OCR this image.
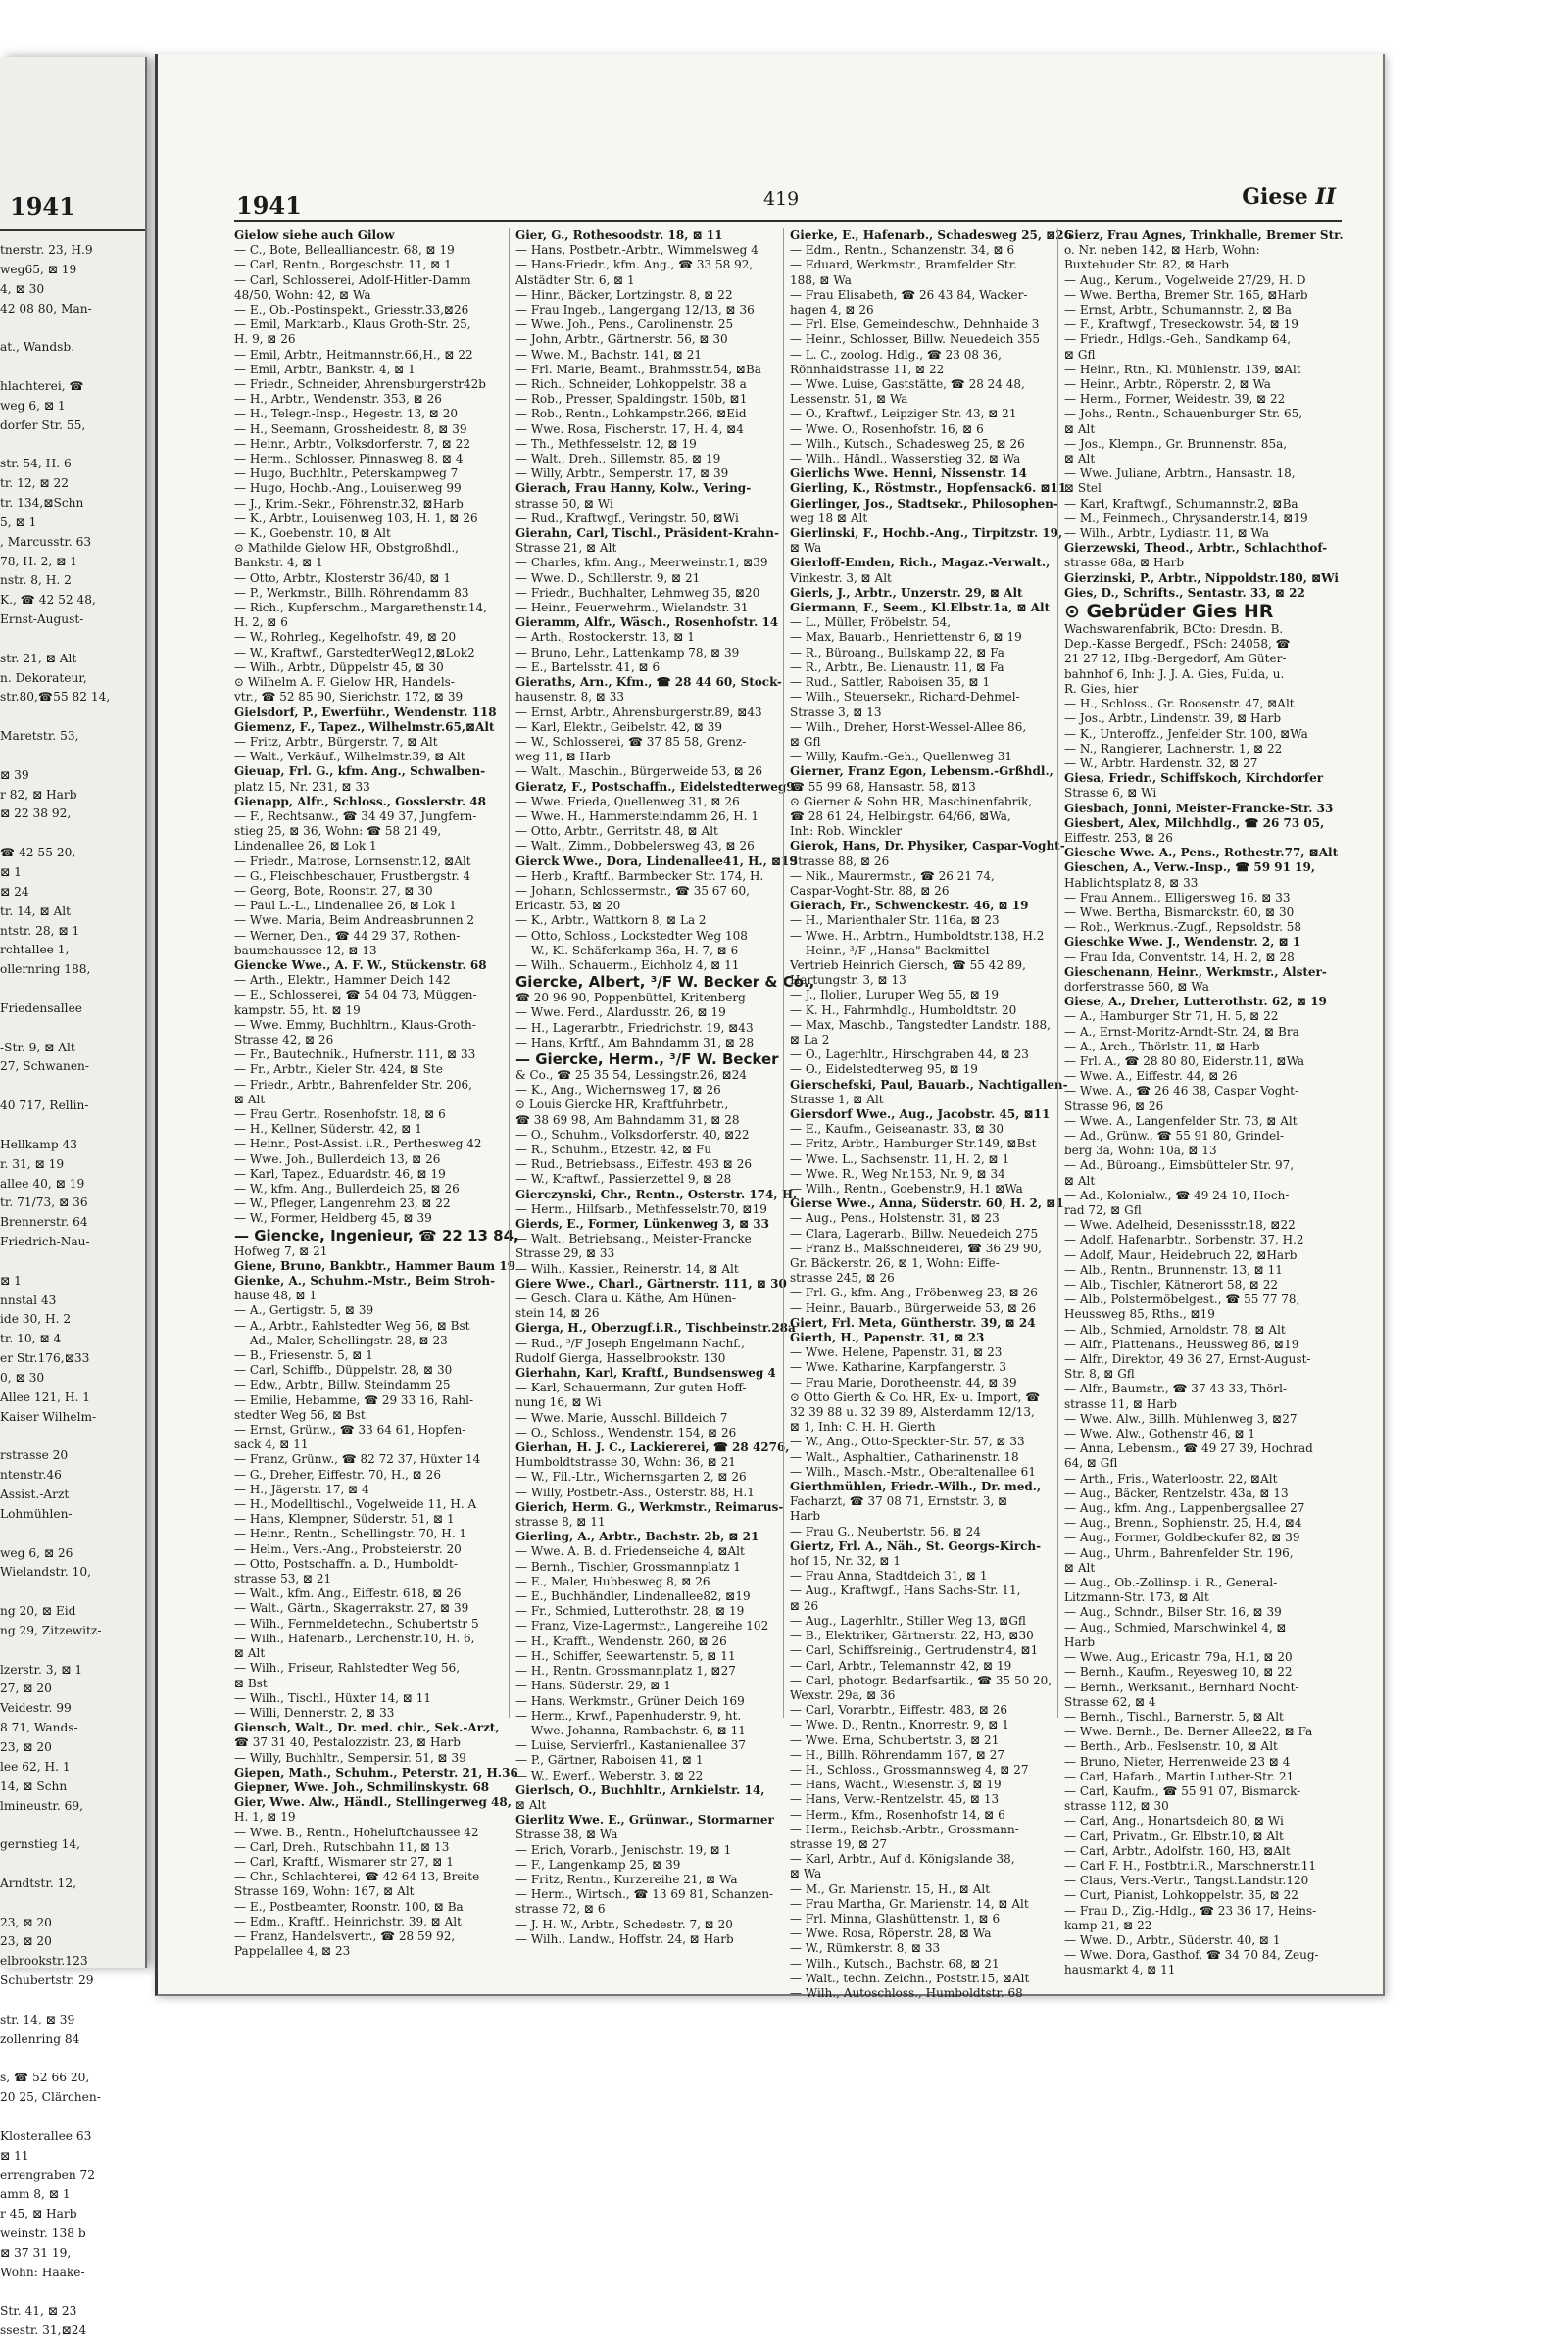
1941
tnerstr. 23, H.9
weg65, ⊠ 19
4, ⊠ 30
42 08 80, Man-

at., Wandsb.

hlachterei, ☎
weg 6, ⊠ 1
dorfer Str. 55,

str. 54, H. 6
tr. 12, ⊠ 22
tr. 134,⊠Schn
5, ⊠ 1
, Marcusstr. 63
78, H. 2, ⊠ 1
nstr. 8, H. 2
K., ☎ 42 52 48,
Ernst-August-

str. 21, ⊠ Alt
n. Dekorateur,
str.80,☎55 82 14,

Maretstr. 53,

⊠ 39
r 82, ⊠ Harb
⊠ 22 38 92,

☎ 42 55 20,
⊠ 1
⊠ 24
tr. 14, ⊠ Alt
ntstr. 28, ⊠ 1
rchtallee 1,
ollernring 188,

Friedensallee

-Str. 9, ⊠ Alt
27, Schwanen-

40 717, Rellin-

Hellkamp 43
r. 31, ⊠ 19
allee 40, ⊠ 19
tr. 71/73, ⊠ 36
Brennerstr. 64
Friedrich-Nau-

⊠ 1
nnstal 43
ide 30, H. 2
tr. 10, ⊠ 4
er Str.176,⊠33
0, ⊠ 30
Allee 121, H. 1
Kaiser Wilhelm-

rstrasse 20
ntenstr.46
Assist.-Arzt
Lohmühlen-

weg 6, ⊠ 26
Wielandstr. 10,

ng 20, ⊠ Eid
ng 29, Zitzewitz-

lzerstr. 3, ⊠ 1
27, ⊠ 20
Veidestr. 99
8 71, Wands-
23, ⊠ 20
lee 62, H. 1
14, ⊠ Schn
lmineustr. 69,

gernstieg 14,

Arndtstr. 12,

23, ⊠ 20
23, ⊠ 20
elbrookstr.123
Schubertstr. 29

str. 14, ⊠ 39
zollenring 84

s, ☎ 52 66 20,
20 25, Clärchen-

Klosterallee 63
⊠ 11
errengraben 72
amm 8, ⊠ 1
r 45, ⊠ Harb
weinstr. 138 b
⊠ 37 31 19,
Wohn: Haake-

Str. 41, ⊠ 23
ssestr. 31,⊠24
1941	419	Giese II
Gielow siehe auch Gilow
— C., Bote, Bellealliancestr. 68, ⊠ 19
— Carl, Rentn., Borgeschstr. 11, ⊠ 1
— Carl, Schlosserei, Adolf-Hitler-Damm
48/50, Wohn: 42, ⊠ Wa
— E., Ob.-Postinspekt., Griesstr.33,⊠26
— Emil, Marktarb., Klaus Groth-Str. 25,
H. 9, ⊠ 26
— Emil, Arbtr., Heitmannstr.66,H., ⊠ 22
— Emil, Arbtr., Bankstr. 4, ⊠ 1
— Friedr., Schneider, Ahrensburgerstr42b
— H., Arbtr., Wendenstr. 353, ⊠ 26
— H., Telegr.-Insp., Hegestr. 13, ⊠ 20
— H., Seemann, Grossheidestr. 8, ⊠ 39
— Heinr., Arbtr., Volksdorferstr. 7, ⊠ 22
— Herm., Schlosser, Pinnasweg 8, ⊠ 4
— Hugo, Buchhltr., Peterskampweg 7
— Hugo, Hochb.-Ang., Louisenweg 99
— J., Krim.-Sekr., Föhrenstr.32, ⊠Harb
— K., Arbtr., Louisenweg 103, H. 1, ⊠ 26
— K., Goebenstr. 10, ⊠ Alt
⊙ Mathilde Gielow HR, Obstgroßhdl.,
Bankstr. 4, ⊠ 1
— Otto, Arbtr., Klosterstr 36/40, ⊠ 1
— P., Werkmstr., Billh. Röhrendamm 83
— Rich., Kupferschm., Margarethenstr.14,
H. 2, ⊠ 6
— W., Rohrleg., Kegelhofstr. 49, ⊠ 20
— W., Kraftwf., GarstedterWeg12,⊠Lok2
— Wilh., Arbtr., Düppelstr 45, ⊠ 30
⊙ Wilhelm A. F. Gielow HR, Handels-
vtr., ☎ 52 85 90, Sierichstr. 172, ⊠ 39
Gielsdorf, P., Ewerführ., Wendenstr. 118
Giemenz, F., Tapez., Wilhelmstr.65,⊠Alt
— Fritz, Arbtr., Bürgerstr. 7, ⊠ Alt
— Walt., Verkäuf., Wilhelmstr.39, ⊠ Alt
Gieuap, Frl. G., kfm. Ang., Schwalben-
platz 15, Nr. 231, ⊠ 33
Gienapp, Alfr., Schloss., Gosslerstr. 48
— F., Rechtsanw., ☎ 34 49 37, Jungfern-
stieg 25, ⊠ 36, Wohn: ☎ 58 21 49,
Lindenallee 26, ⊠ Lok 1
— Friedr., Matrose, Lornsenstr.12, ⊠Alt
— G., Fleischbeschauer, Frustbergstr. 4
— Georg, Bote, Roonstr. 27, ⊠ 30
— Paul L.-L., Lindenallee 26, ⊠ Lok 1
— Wwe. Maria, Beim Andreasbrunnen 2
— Werner, Den., ☎ 44 29 37, Rothen-
baumchaussee 12, ⊠ 13
Giencke Wwe., A. F. W., Stückenstr. 68
— Arth., Elektr., Hammer Deich 142
— E., Schlosserei, ☎ 54 04 73, Müggen-
kampstr. 55, ht. ⊠ 19
— Wwe. Emmy, Buchhltrn., Klaus-Groth-
Strasse 42, ⊠ 26
— Fr., Bautechnik., Hufnerstr. 111, ⊠ 33
— Fr., Arbtr., Kieler Str. 424, ⊠ Ste
— Friedr., Arbtr., Bahrenfelder Str. 206,
⊠ Alt
— Frau Gertr., Rosenhofstr. 18, ⊠ 6
— H., Kellner, Süderstr. 42, ⊠ 1
— Heinr., Post-Assist. i.R., Perthesweg 42
— Wwe. Joh., Bullerdeich 13, ⊠ 26
— Karl, Tapez., Eduardstr. 46, ⊠ 19
— W., kfm. Ang., Bullerdeich 25, ⊠ 26
— W., Pfleger, Langenrehm 23, ⊠ 22
— W., Former, Heldberg 45, ⊠ 39
— Giencke, Ingenieur, ☎ 22 13 84,
Hofweg 7, ⊠ 21
Giene, Bruno, Bankbtr., Hammer Baum 19
Gienke, A., Schuhm.-Mstr., Beim Stroh-
hause 48, ⊠ 1
— A., Gertigstr. 5, ⊠ 39
— A., Arbtr., Rahlstedter Weg 56, ⊠ Bst
— Ad., Maler, Schellingstr. 28, ⊠ 23
— B., Friesenstr. 5, ⊠ 1
— Carl, Schiffb., Düppelstr. 28, ⊠ 30
— Edw., Arbtr., Billw. Steindamm 25
— Emilie, Hebamme, ☎ 29 33 16, Rahl-
stedter Weg 56, ⊠ Bst
— Ernst, Grünw., ☎ 33 64 61, Hopfen-
sack 4, ⊠ 11
— Franz, Grünw., ☎ 82 72 37, Hüxter 14
— G., Dreher, Eiffestr. 70, H., ⊠ 26
— H., Jägerstr. 17, ⊠ 4
— H., Modelltischl., Vogelweide 11, H. A
— Hans, Klempner, Süderstr. 51, ⊠ 1
— Heinr., Rentn., Schellingstr. 70, H. 1
— Helm., Vers.-Ang., Probsteierstr. 20
— Otto, Postschaffn. a. D., Humboldt-
strasse 53, ⊠ 21
— Walt., kfm. Ang., Eiffestr. 618, ⊠ 26
— Walt., Gärtn., Skagerrakstr. 27, ⊠ 39
— Wilh., Fernmeldetechn., Schubertstr 5
— Wilh., Hafenarb., Lerchenstr.10, H. 6,
⊠ Alt
— Wilh., Friseur, Rahlstedter Weg 56,
⊠ Bst
— Wilh., Tischl., Hüxter 14, ⊠ 11
— Willi, Dennerstr. 2, ⊠ 33
Giensch, Walt., Dr. med. chir., Sek.-Arzt,
☎ 37 31 40, Pestalozzistr. 23, ⊠ Harb
— Willy, Buchhltr., Sempersir. 51, ⊠ 39
Giepen, Math., Schuhm., Peterstr. 21, H.36
Giepner, Wwe. Joh., Schmilinskystr. 68
Gier, Wwe. Alw., Händl., Stellingerweg 48,
H. 1, ⊠ 19
— Wwe. B., Rentn., Hoheluftchaussee 42
— Carl, Dreh., Rutschbahn 11, ⊠ 13
— Carl, Kraftf., Wismarer str 27, ⊠ 1
— Chr., Schlachterei, ☎ 42 64 13, Breite
Strasse 169, Wohn: 167, ⊠ Alt
— E., Postbeamter, Roonstr. 100, ⊠ Ba
— Edm., Kraftf., Heinrichstr. 39, ⊠ Alt
— Franz, Handelsvertr., ☎ 28 59 92,
Pappelallee 4, ⊠ 23
Gier, G., Rothesoodstr. 18, ⊠ 11
— Hans, Postbetr.-Arbtr., Wimmelsweg 4
— Hans-Friedr., kfm. Ang., ☎ 33 58 92,
Alstädter Str. 6, ⊠ 1
— Hinr., Bäcker, Lortzingstr. 8, ⊠ 22
— Frau Ingeb., Langergang 12/13, ⊠ 36
— Wwe. Joh., Pens., Carolinenstr. 25
— John, Arbtr., Gärtnerstr. 56, ⊠ 30
— Wwe. M., Bachstr. 141, ⊠ 21
— Frl. Marie, Beamt., Brahmsstr.54, ⊠Ba
— Rich., Schneider, Lohkoppelstr. 38 a
— Rob., Presser, Spaldingstr. 150b, ⊠1
— Rob., Rentn., Lohkampstr.266, ⊠Eid
— Wwe. Rosa, Fischerstr. 17, H. 4, ⊠4
— Th., Methfesselstr. 12, ⊠ 19
— Walt., Dreh., Sillemstr. 85, ⊠ 19
— Willy, Arbtr., Semperstr. 17, ⊠ 39
Gierach, Frau Hanny, Kolw., Vering-
strasse 50, ⊠ Wi
— Rud., Kraftwgf., Veringstr. 50, ⊠Wi
Gierahn, Carl, Tischl., Präsident-Krahn-
Strasse 21, ⊠ Alt
— Charles, kfm. Ang., Meerweinstr.1, ⊠39
— Wwe. D., Schillerstr. 9, ⊠ 21
— Friedr., Buchhalter, Lehmweg 35, ⊠20
— Heinr., Feuerwehrm., Wielandstr. 31
Gieramm, Alfr., Wäsch., Rosenhofstr. 14
— Arth., Rostockerstr. 13, ⊠ 1
— Bruno, Lehr., Lattenkamp 78, ⊠ 39
— E., Bartelsstr. 41, ⊠ 6
Gieraths, Arn., Kfm., ☎ 28 44 60, Stock-
hausenstr. 8, ⊠ 33
— Ernst, Arbtr., Ahrensburgerstr.89, ⊠43
— Karl, Elektr., Geibelstr. 42, ⊠ 39
— W., Schlosserei, ☎ 37 85 58, Grenz-
weg 11, ⊠ Harb
— Walt., Maschin., Bürgerweide 53, ⊠ 26
Gieratz, F., Postschaffn., Eidelstedterweg9
— Wwe. Frieda, Quellenweg 31, ⊠ 26
— Wwe. H., Hammersteindamm 26, H. 1
— Otto, Arbtr., Gerritstr. 48, ⊠ Alt
— Walt., Zimm., Dobbelersweg 43, ⊠ 26
Gierck Wwe., Dora, Lindenallee41, H., ⊠19
— Herb., Kraftf., Barmbecker Str. 174, H.
— Johann, Schlossermstr., ☎ 35 67 60,
Ericastr. 53, ⊠ 20
— K., Arbtr., Wattkorn 8, ⊠ La 2
— Otto, Schloss., Lockstedter Weg 108
— W., Kl. Schäferkamp 36a, H. 7, ⊠ 6
— Wilh., Schauerm., Eichholz 4, ⊠ 11
Giercke, Albert, ³/F W. Becker & Co.,
☎ 20 96 90, Poppenbüttel, Kritenberg
— Wwe. Ferd., Alardusstr. 26, ⊠ 19
— H., Lagerarbtr., Friedrichstr. 19, ⊠43
— Hans, Krftf., Am Bahndamm 31, ⊠ 28
— Giercke, Herm., ³/F W. Becker
& Co., ☎ 25 35 54, Lessingstr.26, ⊠24
— K., Ang., Wichernsweg 17, ⊠ 26
⊙ Louis Giercke HR, Kraftfuhrbetr.,
☎ 38 69 98, Am Bahndamm 31, ⊠ 28
— O., Schuhm., Volksdorferstr. 40, ⊠22
— R., Schuhm., Etzestr. 42, ⊠ Fu
— Rud., Betriebsass., Eiffestr. 493 ⊠ 26
— W., Kraftwf., Passierzettel 9, ⊠ 28
Gierczynski, Chr., Rentn., Osterstr. 174, H.
— Herm., Hilfsarb., Methfesselstr.70, ⊠19
Gierds, E., Former, Lünkenweg 3, ⊠ 33
— Walt., Betriebsang., Meister-Francke
Strasse 29, ⊠ 33
— Wilh., Kassier., Reinerstr. 14, ⊠ Alt
Giere Wwe., Charl., Gärtnerstr. 111, ⊠ 30
— Gesch. Clara u. Käthe, Am Hünen-
stein 14, ⊠ 26
Gierga, H., Oberzugf.i.R., Tischbeinstr.28a
— Rud., ³/F Joseph Engelmann Nachf.,
Rudolf Gierga, Hasselbrookstr. 130
Gierhahn, Karl, Kraftf., Bundsensweg 4
— Karl, Schauermann, Zur guten Hoff-
nung 16, ⊠ Wi
— Wwe. Marie, Ausschl. Billdeich 7
— O., Schloss., Wendenstr. 154, ⊠ 26
Gierhan, H. J. C., Lackiererei, ☎ 28 4276,
Humboldtstrasse 30, Wohn: 36, ⊠ 21
— W., Fil.-Ltr., Wichernsgarten 2, ⊠ 26
— Willy, Postbetr.-Ass., Osterstr. 88, H.1
Gierich, Herm. G., Werkmstr., Reimarus-
strasse 8, ⊠ 11
Gierling, A., Arbtr., Bachstr. 2b, ⊠ 21
— Wwe. A. B. d. Friedenseiche 4, ⊠Alt
— Bernh., Tischler, Grossmannplatz 1
— E., Maler, Hubbesweg 8, ⊠ 26
— E., Buchhändler, Lindenallee82, ⊠19
— Fr., Schmied, Lutterothstr. 28, ⊠ 19
— Franz, Vize-Lagermstr., Langereihe 102
— H., Krafft., Wendenstr. 260, ⊠ 26
— H., Schiffer, Seewartenstr. 5, ⊠ 11
— H., Rentn. Grossmannplatz 1, ⊠27
— Hans, Süderstr. 29, ⊠ 1
— Hans, Werkmstr., Grüner Deich 169
— Herm., Krwf., Papenhuderstr. 9, ht.
— Wwe. Johanna, Rambachstr. 6, ⊠ 11
— Luise, Servierfrl., Kastanienallee 37
— P., Gärtner, Raboisen 41, ⊠ 1
— W., Ewerf., Weberstr. 3, ⊠ 22
Gierlsch, O., Buchhltr., Arnkielstr. 14,
⊠ Alt
Gierlitz Wwe. E., Grünwar., Stormarner
Strasse 38, ⊠ Wa
— Erich, Vorarb., Jenischstr. 19, ⊠ 1
— F., Langenkamp 25, ⊠ 39
— Fritz, Rentn., Kurzereihe 21, ⊠ Wa
— Herm., Wirtsch., ☎ 13 69 81, Schanzen-
strasse 72, ⊠ 6
— J. H. W., Arbtr., Schedestr. 7, ⊠ 20
— Wilh., Landw., Hoffstr. 24, ⊠ Harb
Gierke, E., Hafenarb., Schadesweg 25, ⊠26
— Edm., Rentn., Schanzenstr. 34, ⊠ 6
— Eduard, Werkmstr., Bramfelder Str.
188, ⊠ Wa
— Frau Elisabeth, ☎ 26 43 84, Wacker-
hagen 4, ⊠ 26
— Frl. Else, Gemeindeschw., Dehnhaide 3
— Heinr., Schlosser, Billw. Neuedeich 355
— L. C., zoolog. Hdlg., ☎ 23 08 36,
Rönnhaidstrasse 11, ⊠ 22
— Wwe. Luise, Gaststätte, ☎ 28 24 48,
Lessenstr. 51, ⊠ Wa
— O., Kraftwf., Leipziger Str. 43, ⊠ 21
— Wwe. O., Rosenhofstr. 16, ⊠ 6
— Wilh., Kutsch., Schadesweg 25, ⊠ 26
— Wilh., Händl., Wasserstieg 32, ⊠ Wa
Gierlichs Wwe. Henni, Nissenstr. 14
Gierling, K., Röstmstr., Hopfensack6. ⊠11
Gierlinger, Jos., Stadtsekr., Philosophen-
weg 18 ⊠ Alt
Gierlinski, F., Hochb.-Ang., Tirpitzstr. 19,
⊠ Wa
Gierloff-Emden, Rich., Magaz.-Verwalt.,
Vinkestr. 3, ⊠ Alt
Gierls, J., Arbtr., Unzerstr. 29, ⊠ Alt
Giermann, F., Seem., Kl.Elbstr.1a, ⊠ Alt
— L., Müller, Fröbelstr. 54,
— Max, Bauarb., Henriettenstr 6, ⊠ 19
— R., Büroang., Bullskamp 22, ⊠ Fa
— R., Arbtr., Be. Lienaustr. 11, ⊠ Fa
— Rud., Sattler, Raboisen 35, ⊠ 1
— Wilh., Steuersekr., Richard-Dehmel-
Strasse 3, ⊠ 13
— Wilh., Dreher, Horst-Wessel-Allee 86,
⊠ Gfl
— Willy, Kaufm.-Geh., Quellenweg 31
Gierner, Franz Egon, Lebensm.-Grßhdl.,
☎ 55 99 68, Hansastr. 58, ⊠13
⊙ Gierner & Sohn HR, Maschinenfabrik,
☎ 28 61 24, Helbingstr. 64/66, ⊠Wa,
Inh: Rob. Winckler
Gierok, Hans, Dr. Physiker, Caspar-Voght-
Strasse 88, ⊠ 26
— Nik., Maurermstr., ☎ 26 21 74,
Caspar-Voght-Str. 88, ⊠ 26
Gierach, Fr., Schwenckestr. 46, ⊠ 19
— H., Marienthaler Str. 116a, ⊠ 23
— Wwe. H., Arbtrn., Humboldtstr.138, H.2
— Heinr., ³/F ,,Hansa"-Backmittel-
Vertrieb Heinrich Giersch, ☎ 55 42 89,
Hartungstr. 3, ⊠ 13
— J., Ilolier., Luruper Weg 55, ⊠ 19
— K. H., Fahrmhdlg., Humboldtstr. 20
— Max, Maschb., Tangstedter Landstr. 188,
⊠ La 2
— O., Lagerhltr., Hirschgraben 44, ⊠ 23
— O., Eidelstedterweg 95, ⊠ 19
Gierschefski, Paul, Bauarb., Nachtigallen-
Strasse 1, ⊠ Alt
Giersdorf Wwe., Aug., Jacobstr. 45, ⊠11
— E., Kaufm., Geiseanastr. 33, ⊠ 30
— Fritz, Arbtr., Hamburger Str.149, ⊠Bst
— Wwe. L., Sachsenstr. 11, H. 2, ⊠ 1
— Wwe. R., Weg Nr.153, Nr. 9, ⊠ 34
— Wilh., Rentn., Goebenstr.9, H.1 ⊠Wa
Gierse Wwe., Anna, Süderstr. 60, H. 2, ⊠1
— Aug., Pens., Holstenstr. 31, ⊠ 23
— Clara, Lagerarb., Billw. Neuedeich 275
— Franz B., Maßschneiderei, ☎ 36 29 90,
Gr. Bäckerstr. 26, ⊠ 1, Wohn: Eiffe-
strasse 245, ⊠ 26
— Frl. G., kfm. Ang., Fröbenweg 23, ⊠ 26
— Heinr., Bauarb., Bürgerweide 53, ⊠ 26
Giert, Frl. Meta, Güntherstr. 39, ⊠ 24
Gierth, H., Papenstr. 31, ⊠ 23
— Wwe. Helene, Papenstr. 31, ⊠ 23
— Wwe. Katharine, Karpfangerstr. 3
— Frau Marie, Dorotheenstr. 44, ⊠ 39
⊙ Otto Gierth & Co. HR, Ex- u. Import, ☎
32 39 88 u. 32 39 89, Alsterdamm 12/13,
⊠ 1, Inh: C. H. H. Gierth
— W., Ang., Otto-Speckter-Str. 57, ⊠ 33
— Walt., Asphaltier., Catharinenstr. 18
— Wilh., Masch.-Mstr., Oberaltenallee 61
Gierthmühlen, Friedr.-Wilh., Dr. med.,
Facharzt, ☎ 37 08 71, Ernststr. 3, ⊠
Harb
— Frau G., Neubertstr. 56, ⊠ 24
Giertz, Frl. A., Näh., St. Georgs-Kirch-
hof 15, Nr. 32, ⊠ 1
— Frau Anna, Stadtdeich 31, ⊠ 1
— Aug., Kraftwgf., Hans Sachs-Str. 11,
⊠ 26
— Aug., Lagerhltr., Stiller Weg 13, ⊠Gfl
— B., Elektriker, Gärtnerstr. 22, H3, ⊠30
— Carl, Schiffsreinig., Gertrudenstr.4, ⊠1
— Carl, Arbtr., Telemannstr. 42, ⊠ 19
— Carl, photogr. Bedarfsartik., ☎ 35 50 20,
Wexstr. 29a, ⊠ 36
— Carl, Vorarbtr., Eiffestr. 483, ⊠ 26
— Wwe. D., Rentn., Knorrestr. 9, ⊠ 1
— Wwe. Erna, Schubertstr. 3, ⊠ 21
— H., Billh. Röhrendamm 167, ⊠ 27
— H., Schloss., Grossmannsweg 4, ⊠ 27
— Hans, Wächt., Wiesenstr. 3, ⊠ 19
— Hans, Verw.-Rentzelstr. 45, ⊠ 13
— Herm., Kfm., Rosenhofstr 14, ⊠ 6
— Herm., Reichsb.-Arbtr., Grossmann-
strasse 19, ⊠ 27
— Karl, Arbtr., Auf d. Königslande 38,
⊠ Wa
— M., Gr. Marienstr. 15, H., ⊠ Alt
— Frau Martha, Gr. Marienstr. 14, ⊠ Alt
— Frl. Minna, Glashüttenstr. 1, ⊠ 6
— Wwe. Rosa, Röperstr. 28, ⊠ Wa
— W., Rümkerstr. 8, ⊠ 33
— Wilh., Kutsch., Bachstr. 68, ⊠ 21
— Walt., techn. Zeichn., Poststr.15, ⊠Alt
— Wilh., Autoschloss., Humboldtstr. 68
Gierz, Frau Agnes, Trinkhalle, Bremer Str.
o. Nr. neben 142, ⊠ Harb, Wohn:
Buxtehuder Str. 82, ⊠ Harb
— Aug., Kerum., Vogelweide 27/29, H. D
— Wwe. Bertha, Bremer Str. 165, ⊠Harb
— Ernst, Arbtr., Schumannstr. 2, ⊠ Ba
— F., Kraftwgf., Treseckowstr. 54, ⊠ 19
— Friedr., Hdlgs.-Geh., Sandkamp 64,
⊠ Gfl
— Heinr., Rtn., Kl. Mühlenstr. 139, ⊠Alt
— Heinr., Arbtr., Röperstr. 2, ⊠ Wa
— Herm., Former, Weidestr. 39, ⊠ 22
— Johs., Rentn., Schauenburger Str. 65,
⊠ Alt
— Jos., Klempn., Gr. Brunnenstr. 85a,
⊠ Alt
— Wwe. Juliane, Arbtrn., Hansastr. 18,
⊠ Stel
— Karl, Kraftwgf., Schumannstr.2, ⊠Ba
— M., Feinmech., Chrysanderstr.14, ⊠19
— Wilh., Arbtr., Lydiastr. 11, ⊠ Wa
Gierzewski, Theod., Arbtr., Schlachthof-
strasse 68a, ⊠ Harb
Gierzinski, P., Arbtr., Nippoldstr.180, ⊠Wi
Gies, D., Schrifts., Sentastr. 33, ⊠ 22
⊙ Gebrüder Gies HR
Wachswarenfabrik, BCto: Dresdn. B.
Dep.-Kasse Bergedf., PSch: 24058, ☎
21 27 12, Hbg.-Bergedorf, Am Güter-
bahnhof 6, Inh: J. J. A. Gies, Fulda, u.
R. Gies, hier
— H., Schloss., Gr. Roosenstr. 47, ⊠Alt
— Jos., Arbtr., Lindenstr. 39, ⊠ Harb
— K., Unteroffz., Jenfelder Str. 100, ⊠Wa
— N., Rangierer, Lachnerstr. 1, ⊠ 22
— W., Arbtr. Hardenstr. 32, ⊠ 27
Giesa, Friedr., Schiffskoch, Kirchdorfer
Strasse 6, ⊠ Wi
Giesbach, Jonni, Meister-Francke-Str. 33
Giesbert, Alex, Milchhdlg., ☎ 26 73 05,
Eiffestr. 253, ⊠ 26
Giesche Wwe. A., Pens., Rothestr.77, ⊠Alt
Gieschen, A., Verw.-Insp., ☎ 59 91 19,
Hablichtsplatz 8, ⊠ 33
— Frau Annem., Elligersweg 16, ⊠ 33
— Wwe. Bertha, Bismarckstr. 60, ⊠ 30
— Rob., Werkmus.-Zugf., Repsoldstr. 58
Gieschke Wwe. J., Wendenstr. 2, ⊠ 1
— Frau Ida, Conventstr. 14, H. 2, ⊠ 28
Gieschenann, Heinr., Werkmstr., Alster-
dorferstrasse 560, ⊠ Wa
Giese, A., Dreher, Lutterothstr. 62, ⊠ 19
— A., Hamburger Str 71, H. 5, ⊠ 22
— A., Ernst-Moritz-Arndt-Str. 24, ⊠ Bra
— A., Arch., Thörlstr. 11, ⊠ Harb
— Frl. A., ☎ 28 80 80, Eiderstr.11, ⊠Wa
— Wwe. A., Eiffestr. 44, ⊠ 26
— Wwe. A., ☎ 26 46 38, Caspar Voght-
Strasse 96, ⊠ 26
— Wwe. A., Langenfelder Str. 73, ⊠ Alt
— Ad., Grünw., ☎ 55 91 80, Grindel-
berg 3a, Wohn: 10a, ⊠ 13
— Ad., Büroang., Eimsbütteler Str. 97,
⊠ Alt
— Ad., Kolonialw., ☎ 49 24 10, Hoch-
rad 72, ⊠ Gfl
— Wwe. Adelheid, Desenissstr.18, ⊠22
— Adolf, Hafenarbtr., Sorbenstr. 37, H.2
— Adolf, Maur., Heidebruch 22, ⊠Harb
— Alb., Rentn., Brunnenstr. 13, ⊠ 11
— Alb., Tischler, Kätnerort 58, ⊠ 22
— Alb., Polstermöbelgest., ☎ 55 77 78,
Heussweg 85, Rths., ⊠19
— Alb., Schmied, Arnoldstr. 78, ⊠ Alt
— Alfr., Plattenans., Heussweg 86, ⊠19
— Alfr., Direktor, 49 36 27, Ernst-August-
Str. 8, ⊠ Gfl
— Alfr., Baumstr., ☎ 37 43 33, Thörl-
strasse 11, ⊠ Harb
— Wwe. Alw., Billh. Mühlenweg 3, ⊠27
— Wwe. Alw., Gothenstr 46, ⊠ 1
— Anna, Lebensm., ☎ 49 27 39, Hochrad
64, ⊠ Gfl
— Arth., Fris., Waterloostr. 22, ⊠Alt
— Aug., Bäcker, Rentzelstr. 43a, ⊠ 13
— Aug., kfm. Ang., Lappenbergsallee 27
— Aug., Brenn., Sophienstr. 25, H.4, ⊠4
— Aug., Former, Goldbeckufer 82, ⊠ 39
— Aug., Uhrm., Bahrenfelder Str. 196,
⊠ Alt
— Aug., Ob.-Zollinsp. i. R., General-
Litzmann-Str. 173, ⊠ Alt
— Aug., Schndr., Bilser Str. 16, ⊠ 39
— Aug., Schmied, Marschwinkel 4, ⊠
Harb
— Wwe. Aug., Ericastr. 79a, H.1, ⊠ 20
— Bernh., Kaufm., Reyesweg 10, ⊠ 22
— Bernh., Werksanit., Bernhard Nocht-
Strasse 62, ⊠ 4
— Bernh., Tischl., Barnerstr. 5, ⊠ Alt
— Wwe. Bernh., Be. Berner Allee22, ⊠ Fa
— Berth., Arb., Feslsenstr. 10, ⊠ Alt
— Bruno, Nieter, Herrenweide 23 ⊠ 4
— Carl, Hafarb., Martin Luther-Str. 21
— Carl, Kaufm., ☎ 55 91 07, Bismarck-
strasse 112, ⊠ 30
— Carl, Ang., Honartsdeich 80, ⊠ Wi
— Carl, Privatm., Gr. Elbstr.10, ⊠ Alt
— Carl, Arbtr., Adolfstr. 160, H3, ⊠Alt
— Carl F. H., Postbtr.i.R., Marschnerstr.11
— Claus, Vers.-Vertr., Tangst.Landstr.120
— Curt, Pianist, Lohkoppelstr. 35, ⊠ 22
— Frau D., Zig.-Hdlg., ☎ 23 36 17, Heins-
kamp 21, ⊠ 22
— Wwe. D., Arbtr., Süderstr. 40, ⊠ 1
— Wwe. Dora, Gasthof, ☎ 34 70 84, Zeug-
hausmarkt 4, ⊠ 11
